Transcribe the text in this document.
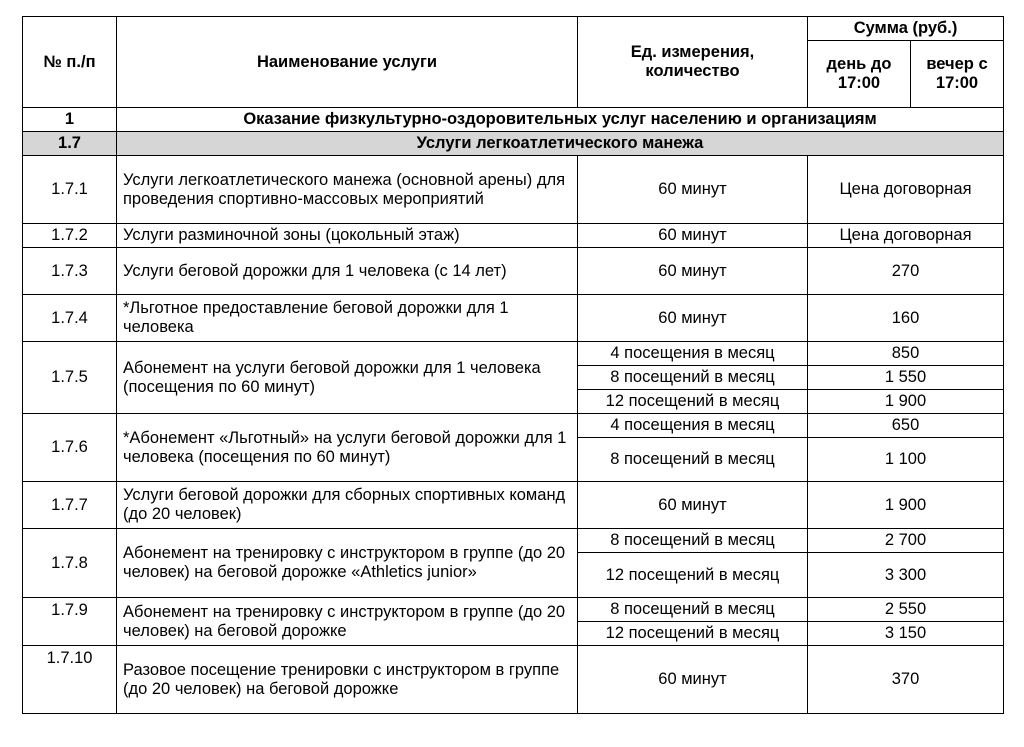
№ п./п	Наименование услуги	Ед. измерения, количество	Сумма (руб.)	
			день до 17:00	вечер с 17:00
1	Оказание физкультурно-оздоровительных услуг населению и организациям			
1.7	Услуги легкоатлетического манежа			
1.7.1	Услуги легкоатлетического манежа (основной арены) для проведения спортивно-массовых мероприятий	60 минут	Цена договорная	
1.7.2	Услуги разминочной зоны (цокольный этаж)	60 минут	Цена договорная	
1.7.3	Услуги беговой дорожки для 1 человека (с 14 лет)	60 минут	270	
1.7.4	*Льготное предоставление беговой дорожки для 1 человека	60 минут	160	
1.7.5	Абонемент на услуги беговой дорожки для 1 человека (посещения по 60 минут)	4 посещения в месяц	850	
		8 посещений в месяц	1 550	
		12 посещений в месяц	1 900	
1.7.6	*Абонемент «Льготный» на услуги беговой дорожки для 1 человека (посещения по 60 минут)	4 посещения в месяц	650	
		8 посещений в месяц	1 100	
1.7.7	Услуги беговой дорожки для сборных спортивных команд (до 20 человек)	60 минут	1 900	
1.7.8	Абонемент на тренировку с инструктором в группе (до 20 человек) на беговой дорожке «Athletics junior»	8 посещений в месяц	2 700	
		12 посещений в месяц	3 300	
1.7.9	Абонемент на тренировку с инструктором в группе (до 20 человек) на беговой дорожке	8 посещений в месяц	2 550	
		12 посещений в месяц	3 150	
1.7.10	Разовое посещение тренировки с инструктором в группе (до 20 человек) на беговой дорожке	60 минут	370	
